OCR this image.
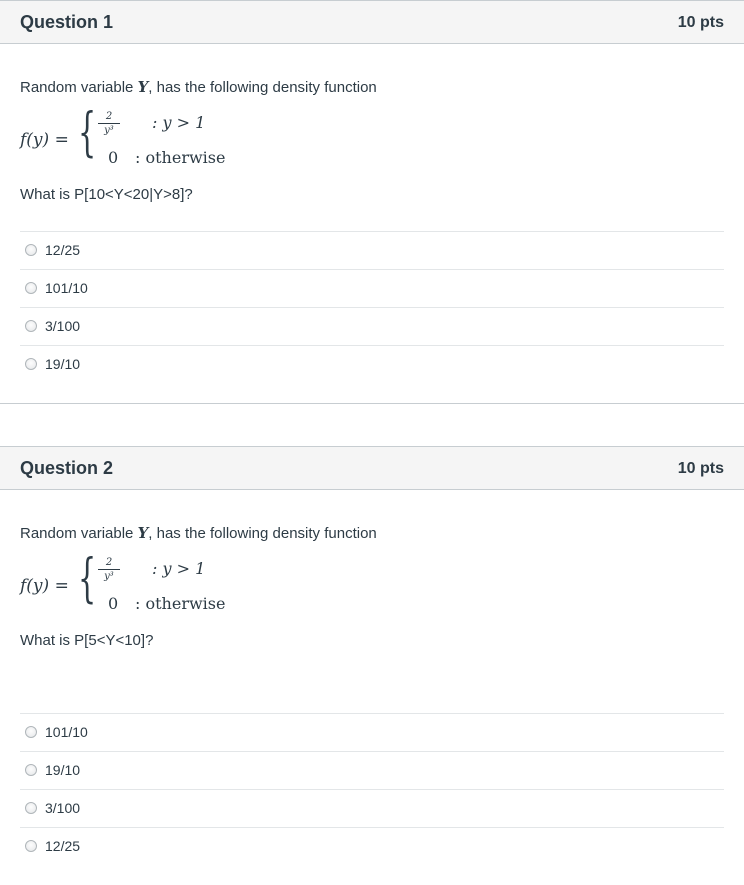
Question 1	10 pts
Random variable Y, has the following density function
f(y) = { $\frac{2}{\text{y³}}$ : y > 1
0 : otherwise
What is P[10<Y<20|Y>8]?
12/25
101/10
3/100
19/10
Question 2	10 pts
Random variable Y, has the following density function
f(y) = { $\frac{2}{\text{y³}}$ : y > 1
0 : otherwise
What is P[5<Y<10]?
101/10
19/10
3/100
12/25
